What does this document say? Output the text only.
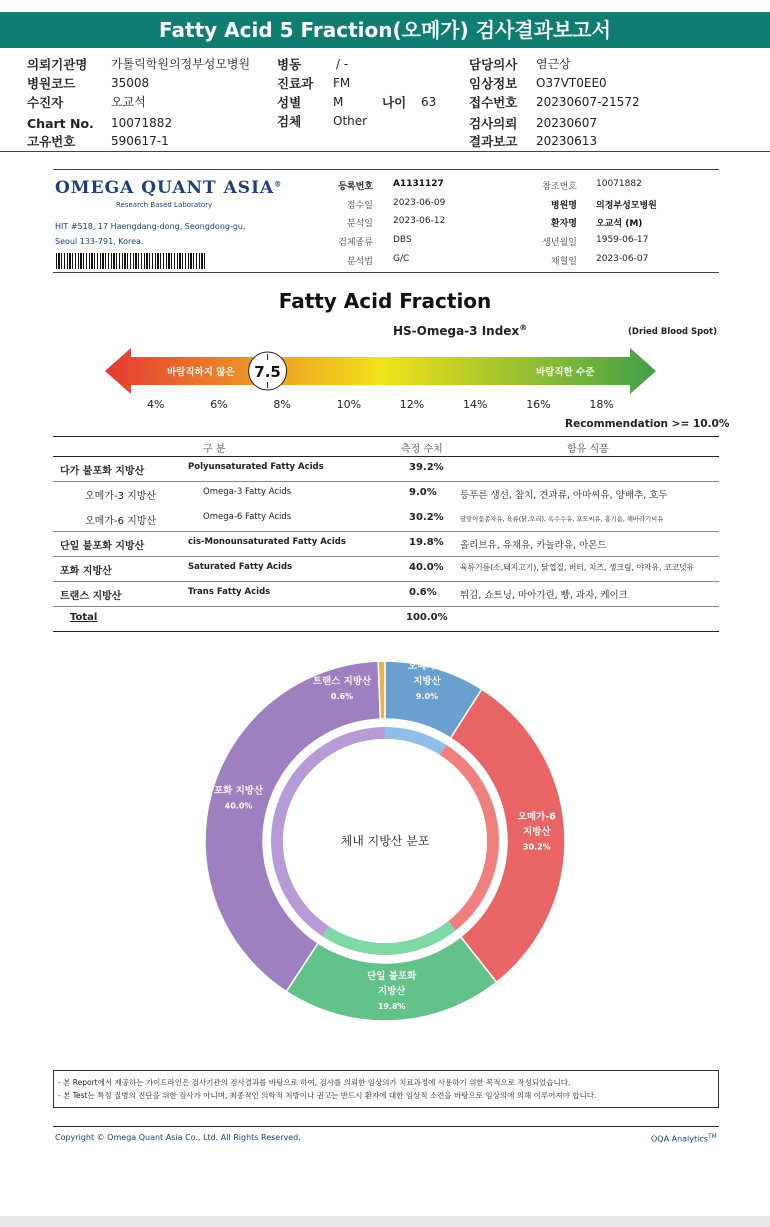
Fatty Acid 5 Fraction(오메가) 검사결과보고서
의뢰기관명 가톨릭학원의정부성모병원
병원코드	35008
수진자	오교석
Chart No. 10071882
고유번호	590617-1
병동	/ -
진료과 FM
성별	M	나이 63
검체	Other
담당의사 염근상
임상정보 O37VT0EE0
접수번호 20230607-21572
검사의뢰 20230607
결과보고 20230613
OMEGA QUANT ASIA®
Research Based Laboratory
HIT #518, 17 Haengdang-dong, Seongdong-gu,
Seoul 133-791, Korea.
등록번호 A1131127
접수일 2023-06-09
분석일 2023-06-12
검체종류 DBS
분석법 G/C
참조번호 10071882
병원명 의정부성모병원
환자명 오교석 (M)
생년월일 1959-06-17
채혈일 2023-06-07
Fatty Acid Fraction
HS-Omega-3 Index®	(Dried Blood Spot)
바람직하지 않은	바람직한 수준
7.5
4%	6%	8%	10%	12%	14%	16%	18%
Recommendation >= 10.0%
구 분	측정 수치	함유 식품
다가 불포화 지방산	Polyunsaturated Fatty Acids	39.2%
오메가-3 지방산	Omega-3 Fatty Acids	9.0% 등푸른 생선, 참치, 견과류, 아마씨유, 양배추, 호두
오메가-6 지방산	Omega-6 Fatty Acids	30.2%	달맞이꽃종자유, 육류(닭,오리), 옥수수유, 포도씨유, 홍기름, 해바라기씨유
단일 불포화 지방산	cis-Monounsaturated Fatty Acids	19.8% 올리브유, 유채유, 카놀라유, 아몬드
포화 지방산	Saturated Fatty Acids	40.0% 육류기름(소,돼지고기), 닭껍질, 버터, 치즈, 생크림, 야자유, 코코넛유
트랜스 지방산	Trans Fatty Acids	0.6% 튀김, 쇼트닝, 마아가린, 빵, 과자, 케이크
Total	100.0%
체내 지방산 분포
오메가-3
지방산
9.0%
오메가-6
지방산
30.2%
단일 불포화
지방산
19.8%
포화 지방산
40.0%
트랜스 지방산
0.6%
- 본 Report에서 제공하는 가이드라인은 검사기관의 검사결과를 바탕으로 하여, 검사를 의뢰한 임상의가 치료과정에 사용하기 위한 목적으로 작성되었습니다.
- 본 Test는 특정 질병의 진단을 위한 검사가 아니며, 최종적인 의학적 처방이나 권고는 반드시 환자에 대한 임상적 소견을 바탕으로 임상의에 의해 이루어져야 합니다.
Copyright © Omega Quant Asia Co., Ltd. All Rights Reserved.	OQA Analytics™
